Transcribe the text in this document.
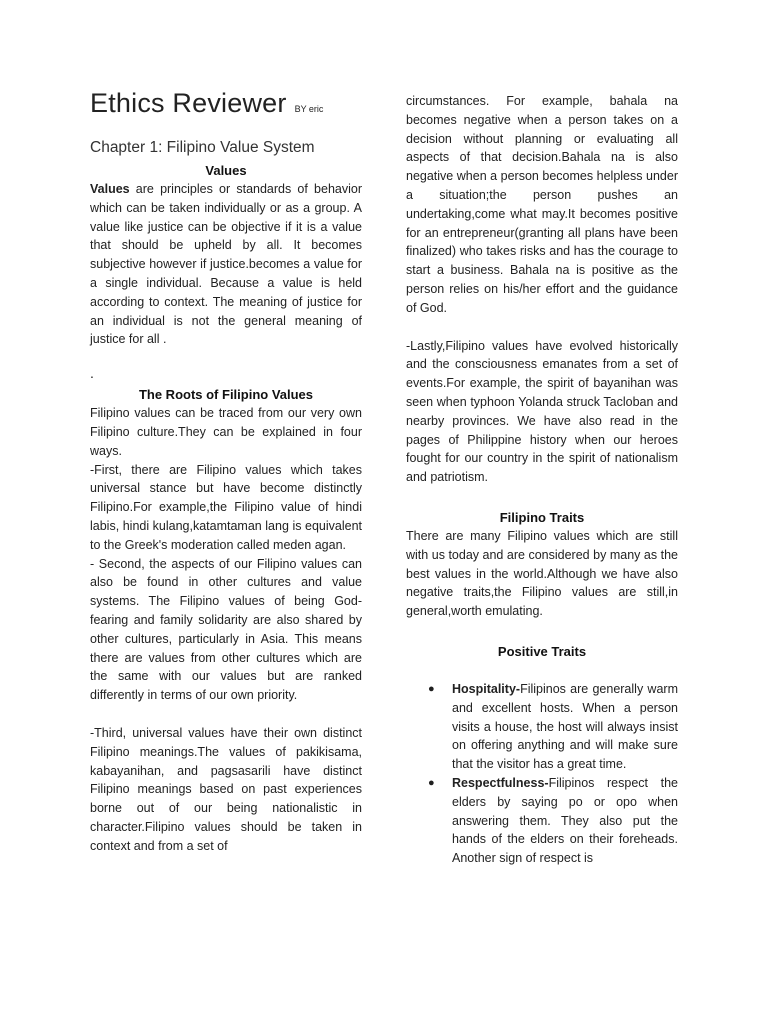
Ethics Reviewer BY eric
Chapter 1: Filipino Value System
Values

Values are principles or standards of behavior which can be taken individually or as a group. A value like justice can be objective if it is a value that should be upheld by all. It becomes subjective however if justice.becomes a value for a single individual. Because a value is held according to context. The meaning of justice for an individual is not the general meaning of justice for all .

.
The Roots of Filipino Values

Filipino values can be traced from our very own Filipino culture.They can be explained in four ways.

-First, there are Filipino values which takes universal stance but have become distinctly Filipino.For example,the Filipino value of hindi labis, hindi kulang,katamtaman lang is equivalent to the Greek's moderation called meden agan.

- Second, the aspects of our Filipino values can also be found in other cultures and value systems. The Filipino values of being God-fearing and family solidarity are also shared by other cultures, particularly in Asia. This means there are values from other cultures which are the same with our values but are ranked differently in terms of our own priority.

-Third, universal values have their own distinct Filipino meanings.The values of pakikisama, kabayanihan, and pagsasarili have distinct Filipino meanings based on past experiences borne out of our being nationalistic in character.Filipino values should be taken in context and from a set of

circumstances. For example, bahala na becomes negative when a person takes on a decision without planning or evaluating all aspects of that decision.Bahala na is also negative when a person becomes helpless under a situation;the person pushes an undertaking,come what may.It becomes positive for an entrepreneur(granting all plans have been finalized) who takes risks and has the courage to start a business. Bahala na is positive as the person relies on his/her effort and the guidance of God.

-Lastly,Filipino values have evolved historically and the consciousness emanates from a set of events.For example, the spirit of bayanihan was seen when typhoon Yolanda struck Tacloban and nearby provinces. We have also read in the pages of Philippine history when our heroes fought for our country in the spirit of nationalism and patriotism.

Filipino Traits

There are many Filipino values which are still with us today and are considered by many as the best values in the world.Although we have also negative traits,the Filipino values are still,in general,worth emulating.

Positive Traits
● Hospitality-Filipinos are generally warm and excellent hosts. When a person visits a house, the host will always insist on offering anything and will make sure that the visitor has a great time.

● Respectfulness-Filipinos respect the elders by saying po or opo when answering them. They also put the hands of the elders on their foreheads. Another sign of respect is
